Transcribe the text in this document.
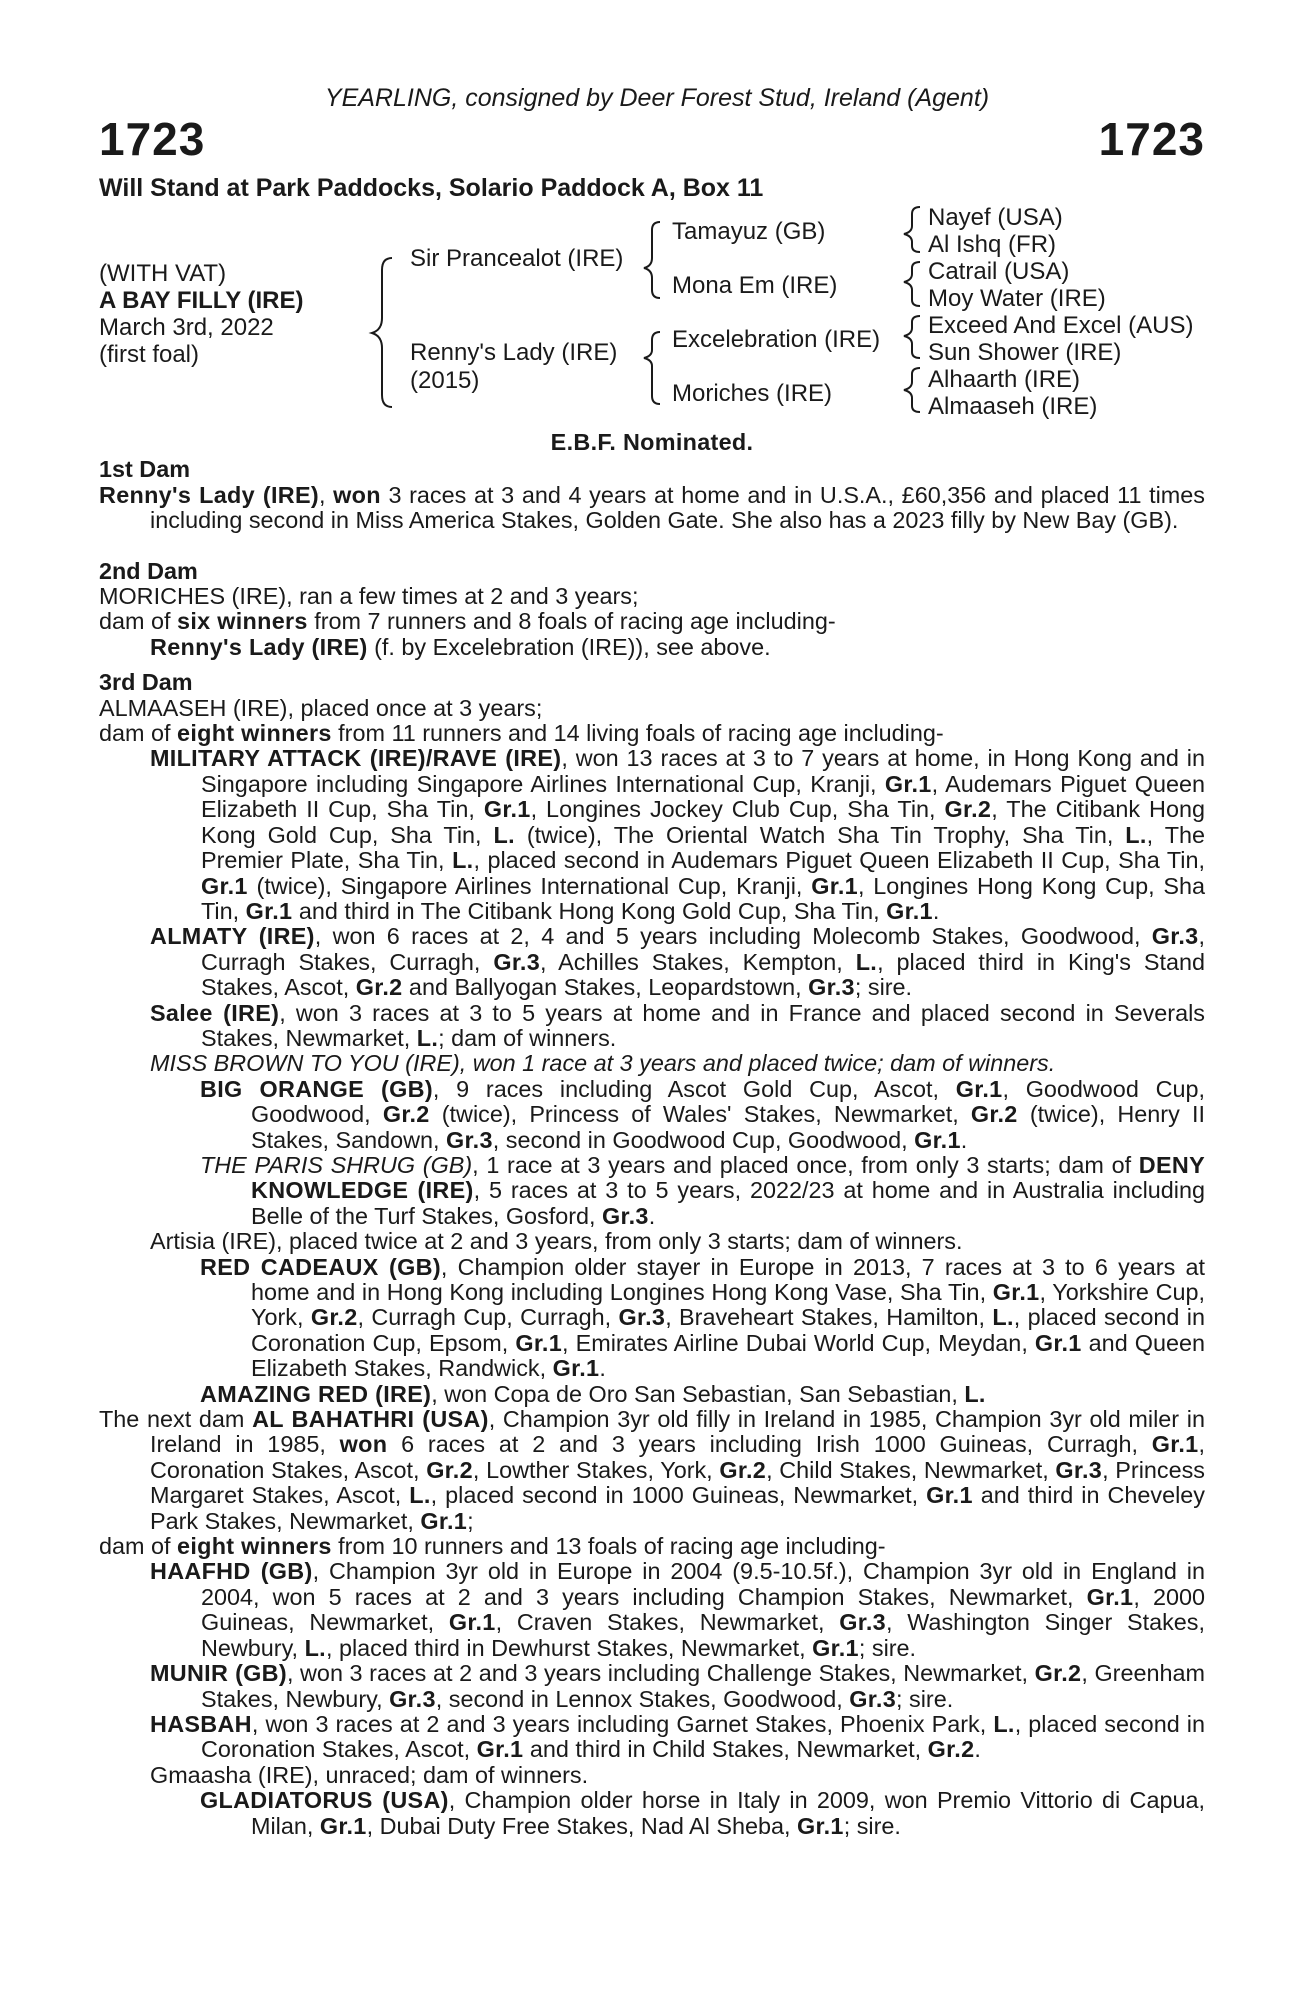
YEARLING, consigned by Deer Forest Stud, Ireland (Agent)
1723	1723
Will Stand at Park Paddocks, Solario Paddock A, Box 11
(WITH VAT)
A BAY FILLY (IRE)
March 3rd, 2022
(first foal)
Sir Prancealot (IRE)
Renny's Lady (IRE)
(2015)
Tamayuz (GB)
Mona Em (IRE)
Excelebration (IRE)
Moriches (IRE)
Nayef (USA)
Al Ishq (FR)
Catrail (USA)
Moy Water (IRE)
Exceed And Excel (AUS)
Sun Shower (IRE)
Alhaarth (IRE)
Almaaseh (IRE)

E.B.F. Nominated.

1st Dam

Renny's Lady (IRE), won 3 races at 3 and 4 years at home and in U.S.A., £60,356 and placed 11 times including second in Miss America Stakes, Golden Gate. She also has a 2023 filly by New Bay (GB).

2nd Dam

MORICHES (IRE), ran a few times at 2 and 3 years;

dam of six winners from 7 runners and 8 foals of racing age including-

Renny's Lady (IRE) (f. by Excelebration (IRE)), see above.

3rd Dam

ALMAASEH (IRE), placed once at 3 years;

dam of eight winners from 11 runners and 14 living foals of racing age including-

MILITARY ATTACK (IRE)/RAVE (IRE), won 13 races at 3 to 7 years at home, in Hong Kong and in Singapore including Singapore Airlines International Cup, Kranji, Gr.1, Audemars Piguet Queen Elizabeth II Cup, Sha Tin, Gr.1, Longines Jockey Club Cup, Sha Tin, Gr.2, The Citibank Hong Kong Gold Cup, Sha Tin, L. (twice), The Oriental Watch Sha Tin Trophy, Sha Tin, L., The Premier Plate, Sha Tin, L., placed second in Audemars Piguet Queen Elizabeth II Cup, Sha Tin, Gr.1 (twice), Singapore Airlines International Cup, Kranji, Gr.1, Longines Hong Kong Cup, Sha Tin, Gr.1 and third in The Citibank Hong Kong Gold Cup, Sha Tin, Gr.1.

ALMATY (IRE), won 6 races at 2, 4 and 5 years including Molecomb Stakes, Goodwood, Gr.3, Curragh Stakes, Curragh, Gr.3, Achilles Stakes, Kempton, L., placed third in King's Stand Stakes, Ascot, Gr.2 and Ballyogan Stakes, Leopardstown, Gr.3; sire.

Salee (IRE), won 3 races at 3 to 5 years at home and in France and placed second in Severals Stakes, Newmarket, L.; dam of winners.

MISS BROWN TO YOU (IRE), won 1 race at 3 years and placed twice; dam of winners.

BIG ORANGE (GB), 9 races including Ascot Gold Cup, Ascot, Gr.1, Goodwood Cup, Goodwood, Gr.2 (twice), Princess of Wales' Stakes, Newmarket, Gr.2 (twice), Henry II Stakes, Sandown, Gr.3, second in Goodwood Cup, Goodwood, Gr.1.

THE PARIS SHRUG (GB), 1 race at 3 years and placed once, from only 3 starts; dam of DENY KNOWLEDGE (IRE), 5 races at 3 to 5 years, 2022/23 at home and in Australia including Belle of the Turf Stakes, Gosford, Gr.3.

Artisia (IRE), placed twice at 2 and 3 years, from only 3 starts; dam of winners.

RED CADEAUX (GB), Champion older stayer in Europe in 2013, 7 races at 3 to 6 years at home and in Hong Kong including Longines Hong Kong Vase, Sha Tin, Gr.1, Yorkshire Cup, York, Gr.2, Curragh Cup, Curragh, Gr.3, Braveheart Stakes, Hamilton, L., placed second in Coronation Cup, Epsom, Gr.1, Emirates Airline Dubai World Cup, Meydan, Gr.1 and Queen Elizabeth Stakes, Randwick, Gr.1.

AMAZING RED (IRE), won Copa de Oro San Sebastian, San Sebastian, L.

The next dam AL BAHATHRI (USA), Champion 3yr old filly in Ireland in 1985, Champion 3yr old miler in Ireland in 1985, won 6 races at 2 and 3 years including Irish 1000 Guineas, Curragh, Gr.1, Coronation Stakes, Ascot, Gr.2, Lowther Stakes, York, Gr.2, Child Stakes, Newmarket, Gr.3, Princess Margaret Stakes, Ascot, L., placed second in 1000 Guineas, Newmarket, Gr.1 and third in Cheveley Park Stakes, Newmarket, Gr.1;

dam of eight winners from 10 runners and 13 foals of racing age including-

HAAFHD (GB), Champion 3yr old in Europe in 2004 (9.5-10.5f.), Champion 3yr old in England in 2004, won 5 races at 2 and 3 years including Champion Stakes, Newmarket, Gr.1, 2000 Guineas, Newmarket, Gr.1, Craven Stakes, Newmarket, Gr.3, Washington Singer Stakes, Newbury, L., placed third in Dewhurst Stakes, Newmarket, Gr.1; sire.

MUNIR (GB), won 3 races at 2 and 3 years including Challenge Stakes, Newmarket, Gr.2, Greenham Stakes, Newbury, Gr.3, second in Lennox Stakes, Goodwood, Gr.3; sire.

HASBAH, won 3 races at 2 and 3 years including Garnet Stakes, Phoenix Park, L., placed second in Coronation Stakes, Ascot, Gr.1 and third in Child Stakes, Newmarket, Gr.2.

Gmaasha (IRE), unraced; dam of winners.

GLADIATORUS (USA), Champion older horse in Italy in 2009, won Premio Vittorio di Capua, Milan, Gr.1, Dubai Duty Free Stakes, Nad Al Sheba, Gr.1; sire.
